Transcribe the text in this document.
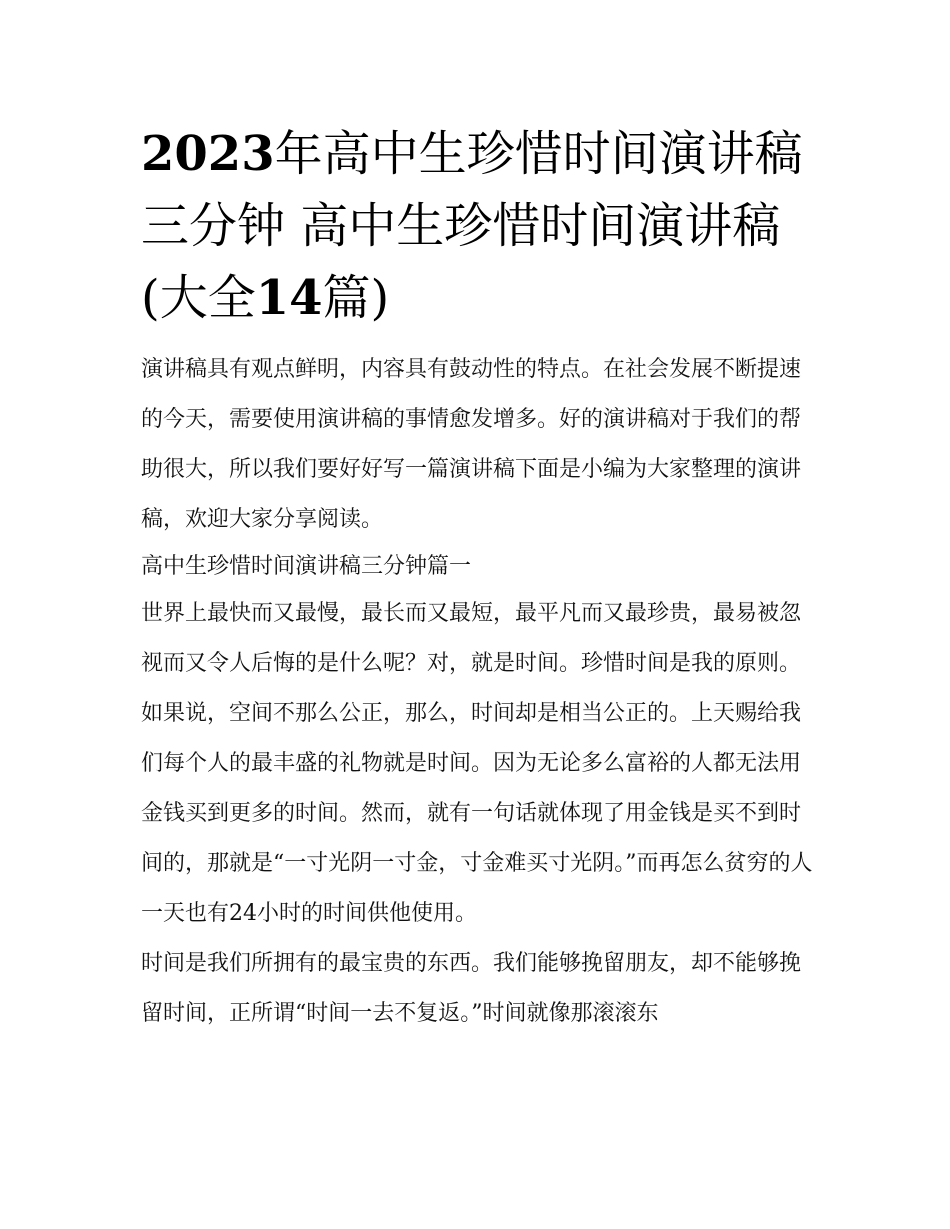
2023年高中生珍惜时间演讲稿三分钟 高中生珍惜时间演讲稿(大全14篇)

演讲稿具有观点鲜明，内容具有鼓动性的特点。在社会发展不断提速的今天，需要使用演讲稿的事情愈发增多。好的演讲稿对于我们的帮助很大，所以我们要好好写一篇演讲稿下面是小编为大家整理的演讲稿，欢迎大家分享阅读。

高中生珍惜时间演讲稿三分钟篇一

世界上最快而又最慢，最长而又最短，最平凡而又最珍贵，最易被忽视而又令人后悔的是什么呢？对，就是时间。珍惜时间是我的原则。如果说，空间不那么公正，那么，时间却是相当公正的。上天赐给我们每个人的最丰盛的礼物就是时间。因为无论多么富裕的人都无法用金钱买到更多的时间。然而，就有一句话就体现了用金钱是买不到时间的，那就是“一寸光阴一寸金，寸金难买寸光阴。”而再怎么贫穷的人一天也有24小时的时间供他使用。

时间是我们所拥有的最宝贵的东西。我们能够挽留朋友，却不能够挽留时间，正所谓“时间一去不复返。”时间就像那滚滚东
